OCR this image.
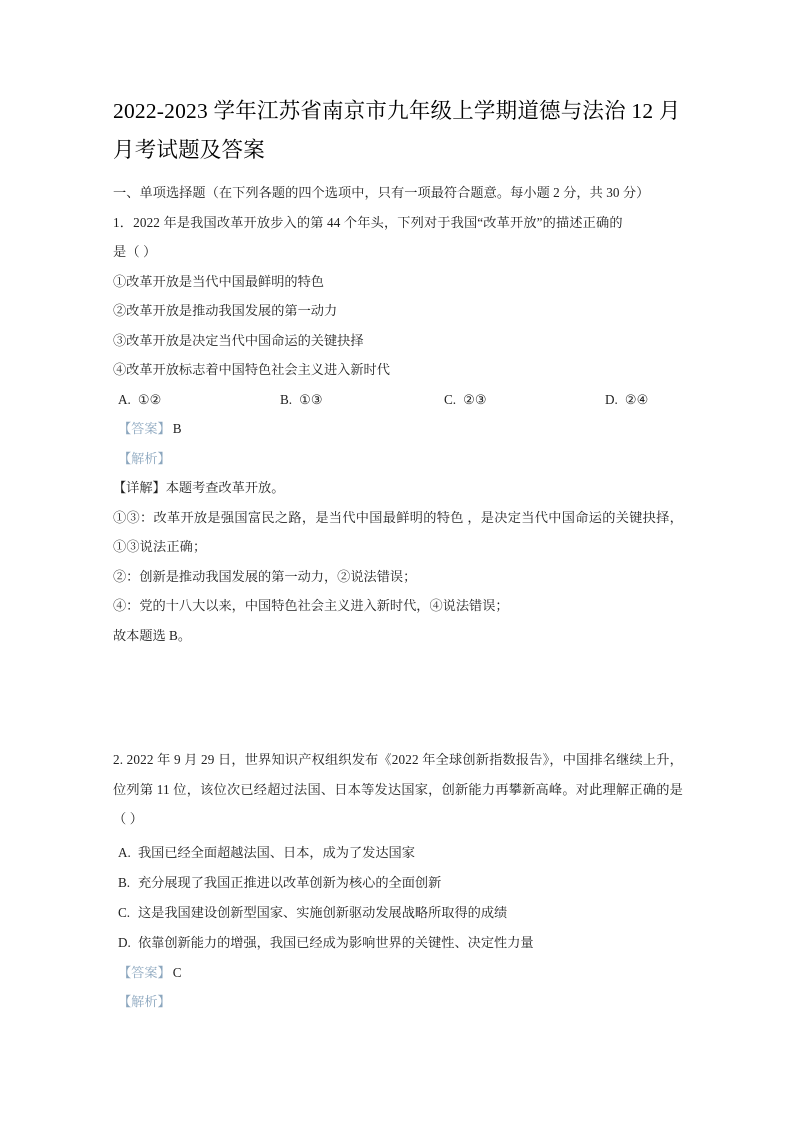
2022-2023 学年江苏省南京市九年级上学期道德与法治 12 月月考试题及答案
一、单项选择题（在下列各题的四个选项中，只有一项最符合题意。每小题 2 分，共 30 分）
1．2022 年是我国改革开放步入的第 44 个年头，下列对于我国“改革开放”的描述正确的
是（ ）
①改革开放是当代中国最鲜明的特色
②改革开放是推动我国发展的第一动力
③改革开放是决定当代中国命运的关键抉择
④改革开放标志着中国特色社会主义进入新时代
A. ①②	B. ①③	C. ②③	D. ②④
【答案】 B
【解析】
【详解】本题考查改革开放。
①③：改革开放是强国富民之路，是当代中国最鲜明的特色 ，是决定当代中国命运的关键抉择，①③说法正确；
②：创新是推动我国发展的第一动力，②说法错误；
④：党的十八大以来，中国特色社会主义进入新时代，④说法错误；
故本题选 B。
2. 2022 年 9 月 29 日，世界知识产权组织发布《2022 年全球创新指数报告》，中国排名继续上升，位列第 11 位，该位次已经超过法国、日本等发达国家，创新能力再攀新高峰。对此理解正确的是（ ）
A. 我国已经全面超越法国、日本，成为了发达国家
B. 充分展现了我国正推进以改革创新为核心的全面创新
C. 这是我国建设创新型国家、实施创新驱动发展战略所取得的成绩
D. 依靠创新能力的增强，我国已经成为影响世界的关键性、决定性力量
【答案】 C
【解析】
